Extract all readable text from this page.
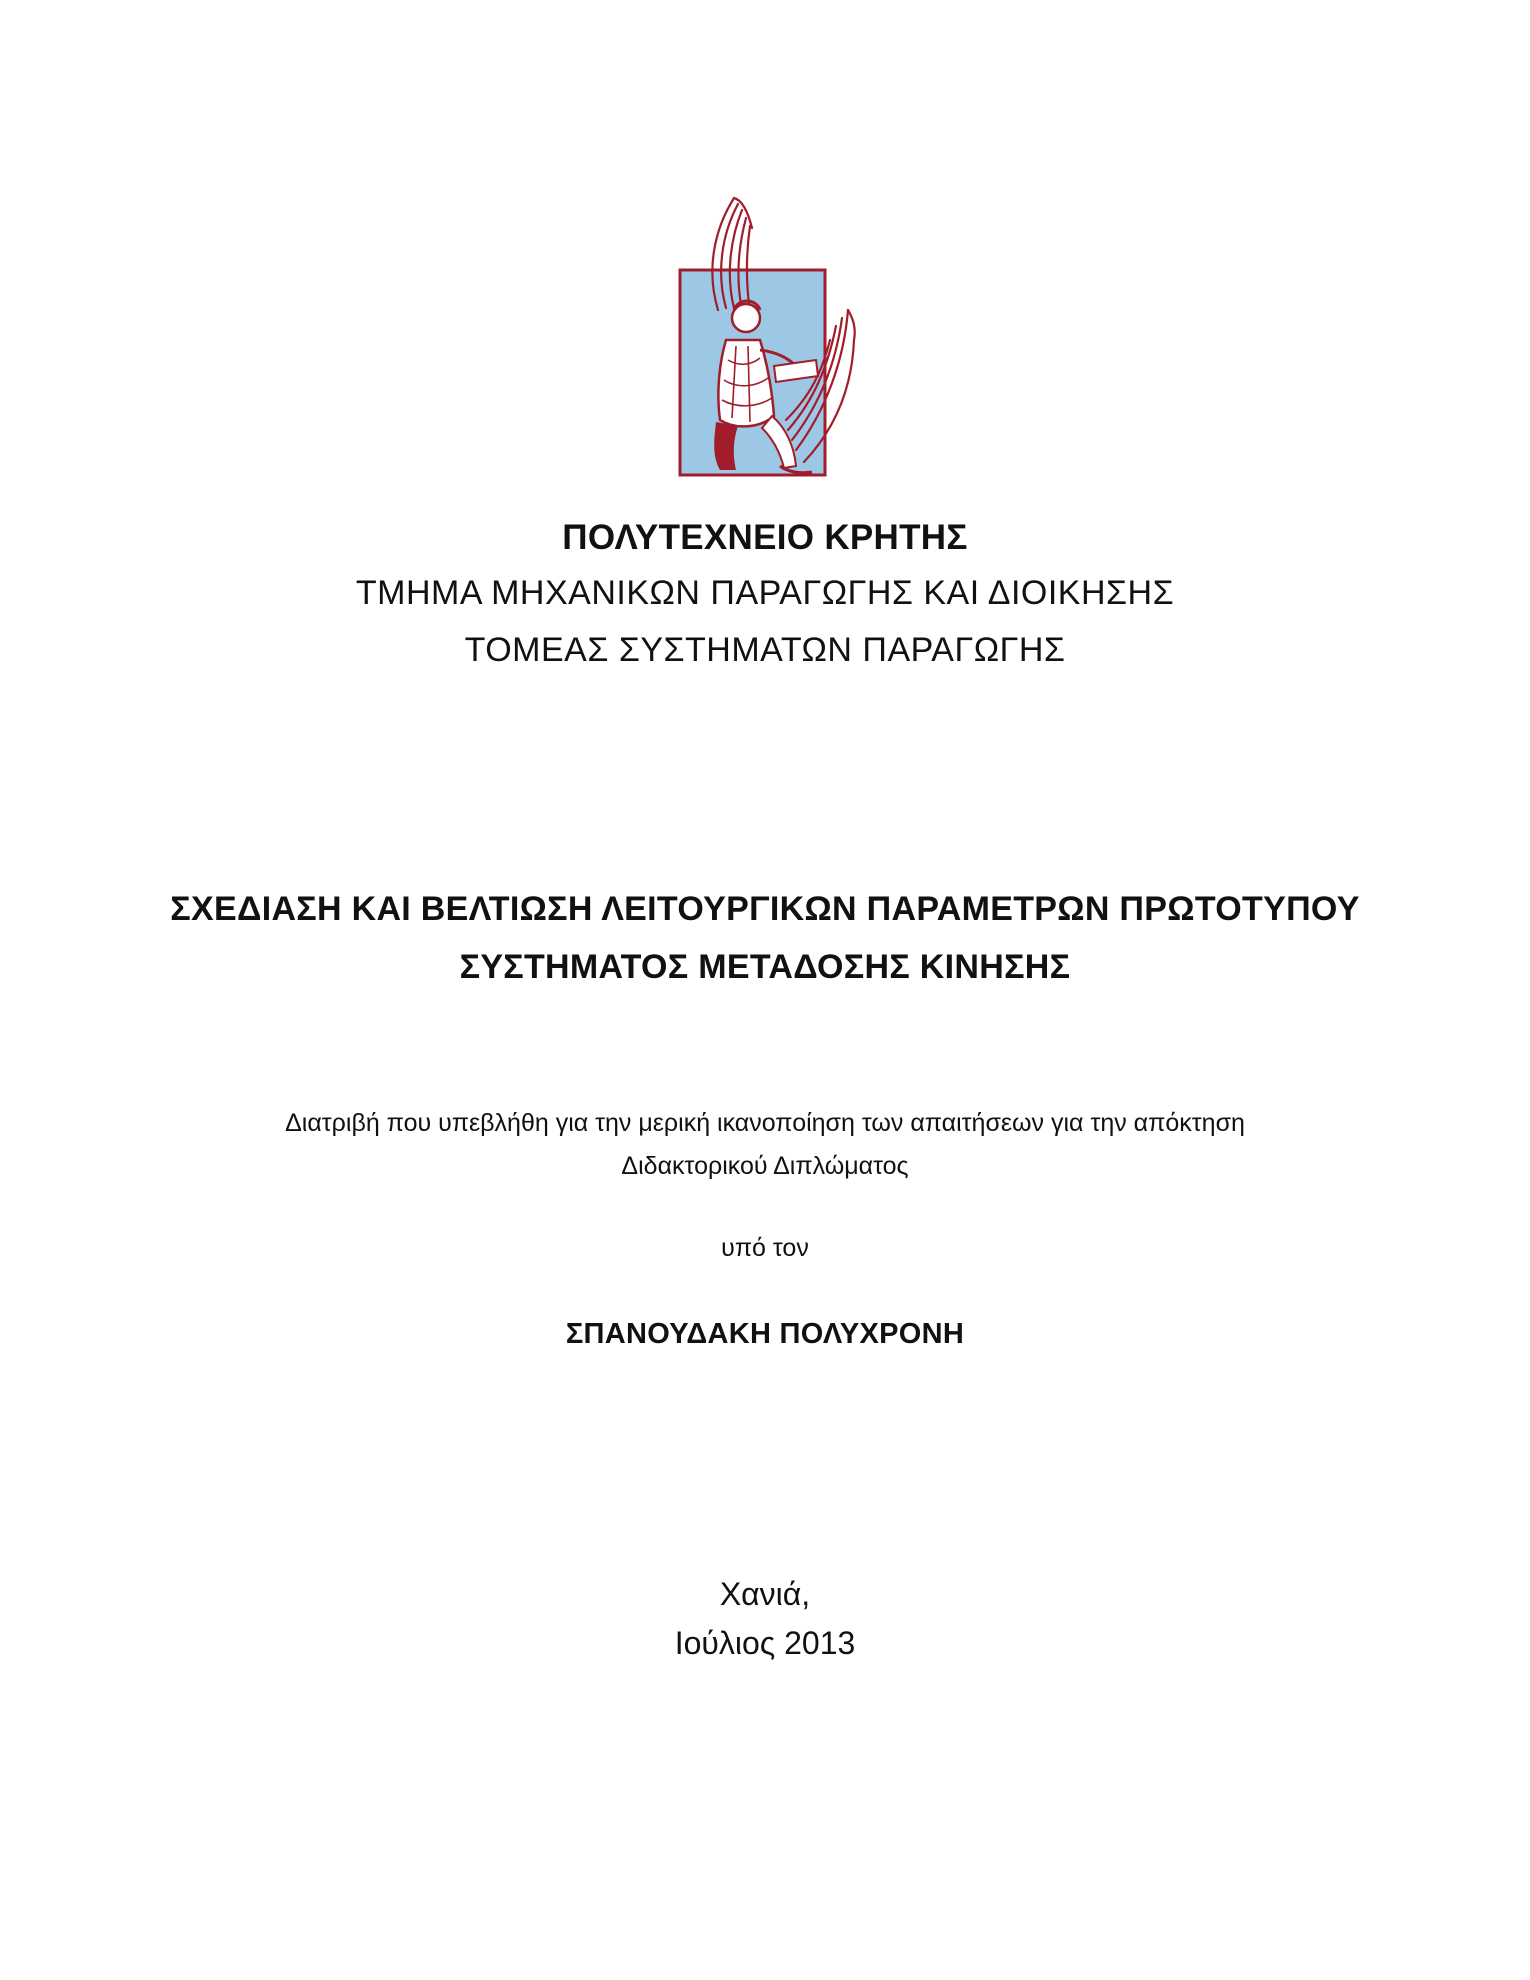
ΠΟΛΥΤΕΧΝΕΙΟ ΚΡΗΤΗΣ
ΤΜΗΜΑ ΜΗΧΑΝΙΚΩΝ ΠΑΡΑΓΩΓΗΣ ΚΑΙ ΔΙΟΙΚΗΣΗΣ
ΤΟΜΕΑΣ ΣΥΣΤΗΜΑΤΩΝ ΠΑΡΑΓΩΓΗΣ
ΣΧΕΔΙΑΣΗ ΚΑΙ ΒΕΛΤΙΩΣΗ ΛΕΙΤΟΥΡΓΙΚΩΝ ΠΑΡΑΜΕΤΡΩΝ ΠΡΩΤΟΤΥΠΟΥ
ΣΥΣΤΗΜΑΤΟΣ ΜΕΤΑΔΟΣΗΣ ΚΙΝΗΣΗΣ
Διατριβή που υπεβλήθη για την μερική ικανοποίηση των απαιτήσεων για την απόκτηση
Διδακτορικού Διπλώματος
υπό τον
ΣΠΑΝΟΥΔΑΚΗ ΠΟΛΥΧΡΟΝΗ
Χανιά,
Ιούλιος 2013
